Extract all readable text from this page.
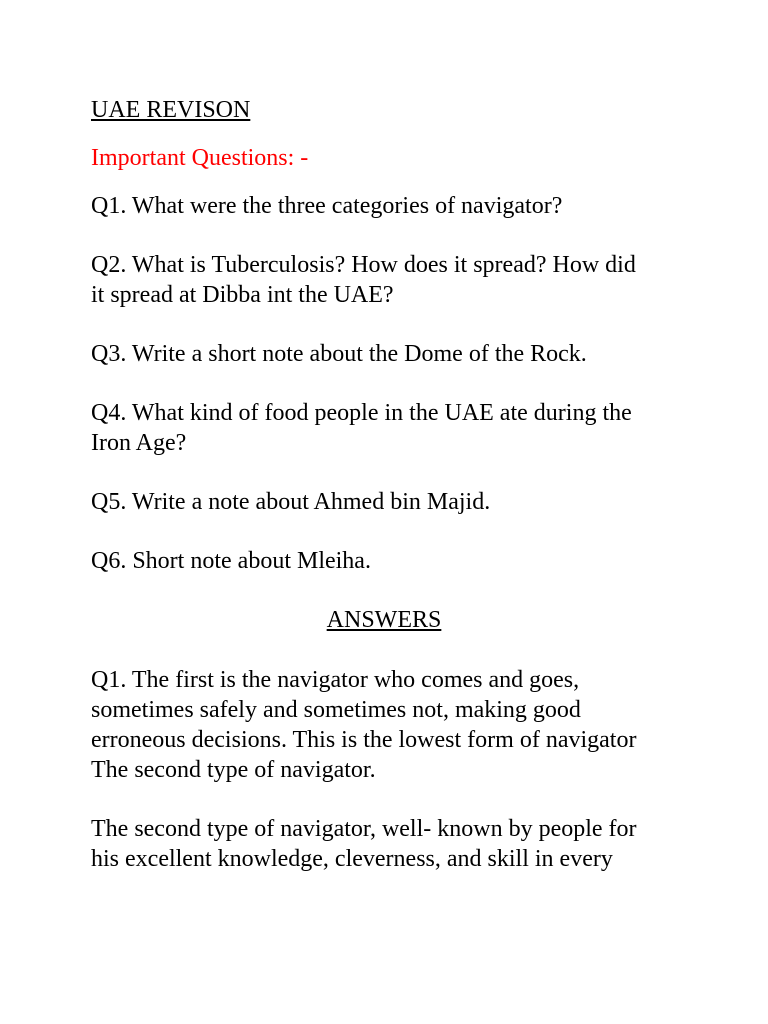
UAE REVISON
Important Questions: -
Q1. What were the three categories of navigator?
Q2. What is Tuberculosis? How does it spread? How did
it spread at Dibba int the UAE?
Q3. Write a short note about the Dome of the Rock.
Q4. What kind of food people in the UAE ate during the
Iron Age?
Q5. Write a note about Ahmed bin Majid.
Q6. Short note about Mleiha.
ANSWERS
Q1. The first is the navigator who comes and goes,
sometimes safely and sometimes not, making good
erroneous decisions. This is the lowest form of navigator
The second type of navigator.
The second type of navigator, well- known by people for
his excellent knowledge, cleverness, and skill in every
